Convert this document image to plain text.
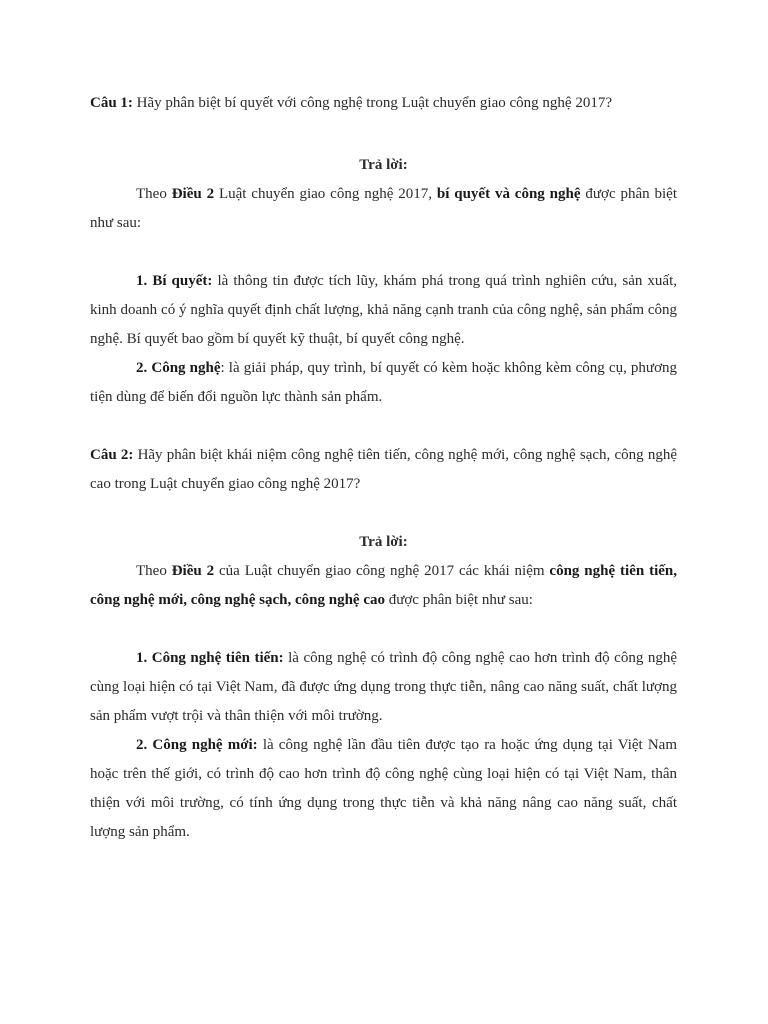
Câu 1: Hãy phân biệt bí quyết với công nghệ trong Luật chuyển giao công nghệ 2017?

Trả lời:

Theo Điều 2 Luật chuyển giao công nghệ 2017, bí quyết và công nghệ được phân biệt như sau:

1. Bí quyết: là thông tin được tích lũy, khám phá trong quá trình nghiên cứu, sản xuất, kinh doanh có ý nghĩa quyết định chất lượng, khả năng cạnh tranh của công nghệ, sản phẩm công nghệ. Bí quyết bao gồm bí quyết kỹ thuật, bí quyết công nghệ.

2. Công nghệ: là giải pháp, quy trình, bí quyết có kèm hoặc không kèm công cụ, phương tiện dùng để biến đổi nguồn lực thành sản phẩm.

Câu 2: Hãy phân biệt khái niệm công nghệ tiên tiến, công nghệ mới, công nghệ sạch, công nghệ cao trong Luật chuyển giao công nghệ 2017?

Trả lời:

Theo Điều 2 của Luật chuyển giao công nghệ 2017 các khái niệm công nghệ tiên tiến, công nghệ mới, công nghệ sạch, công nghệ cao được phân biệt như sau:

1. Công nghệ tiên tiến: là công nghệ có trình độ công nghệ cao hơn trình độ công nghệ cùng loại hiện có tại Việt Nam, đã được ứng dụng trong thực tiễn, nâng cao năng suất, chất lượng sản phẩm vượt trội và thân thiện với môi trường.

2. Công nghệ mới: là công nghệ lần đầu tiên được tạo ra hoặc ứng dụng tại Việt Nam hoặc trên thế giới, có trình độ cao hơn trình độ công nghệ cùng loại hiện có tại Việt Nam, thân thiện với môi trường, có tính ứng dụng trong thực tiễn và khả năng nâng cao năng suất, chất lượng sản phẩm.
